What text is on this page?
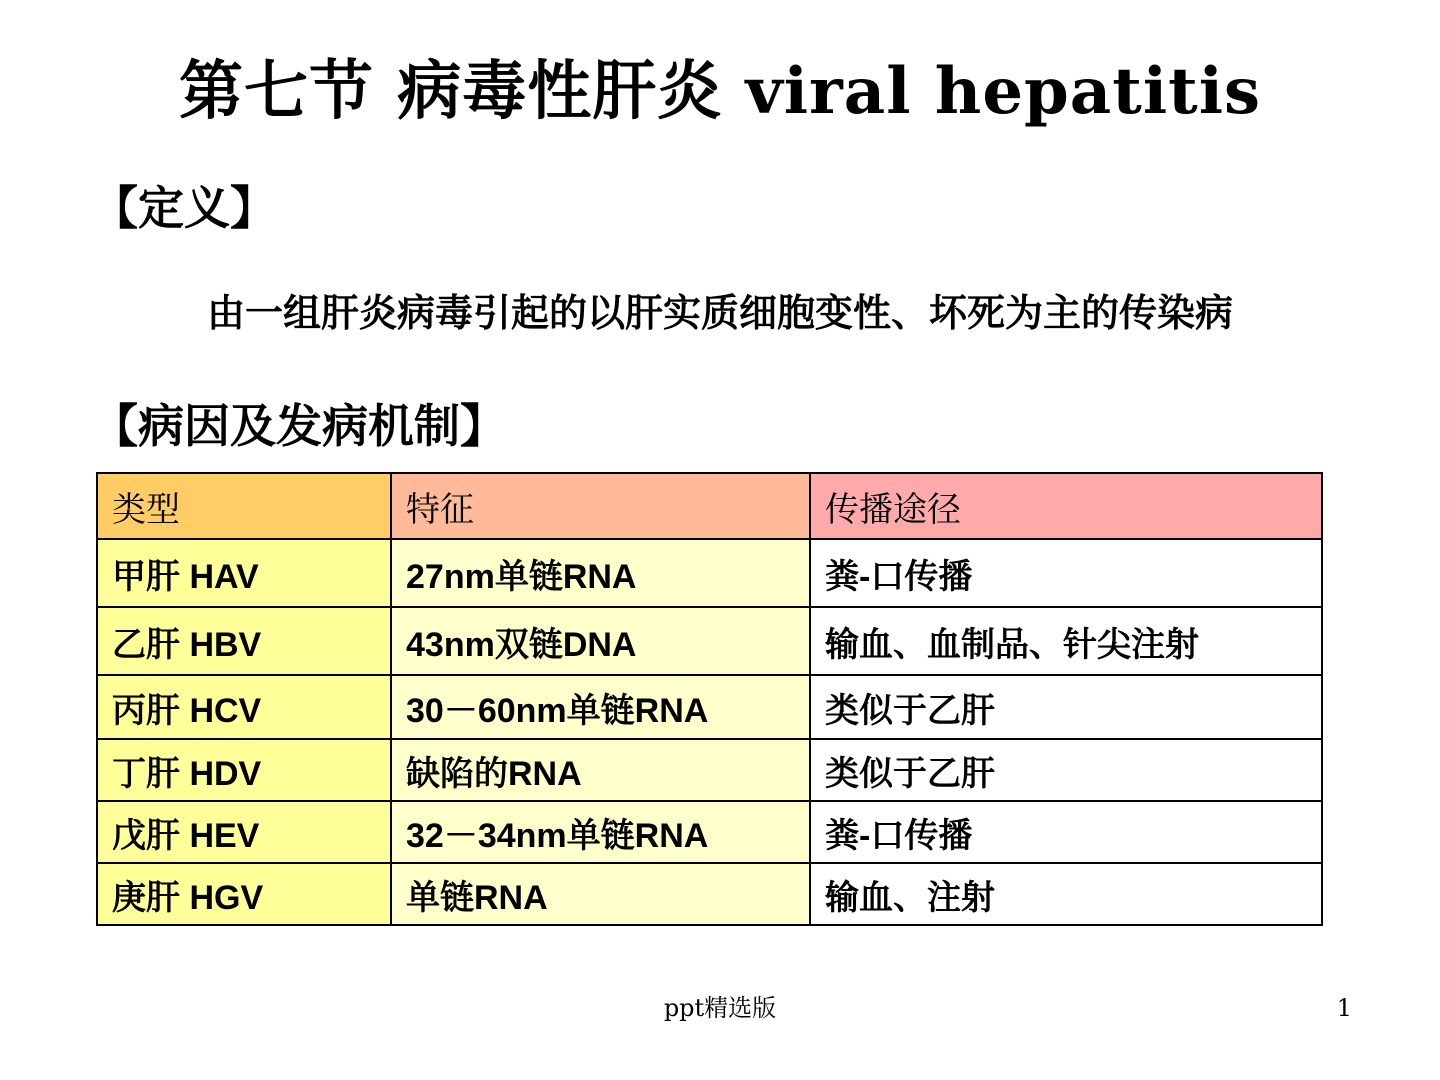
第七节 病毒性肝炎 viral hepatitis
【定义】
由一组肝炎病毒引起的以肝实质细胞变性、坏死为主的传染病
【病因及发病机制】
类型	特征	传播途径
甲肝 HAV	27nm单链RNA	粪-口传播
乙肝 HBV	43nm双链DNA	输血、血制品、针尖注射
丙肝 HCV	30－60nm单链RNA	类似于乙肝
丁肝 HDV	缺陷的RNA	类似于乙肝
戊肝 HEV	32－34nm单链RNA	粪-口传播
庚肝 HGV	单链RNA	输血、注射
ppt精选版	1
